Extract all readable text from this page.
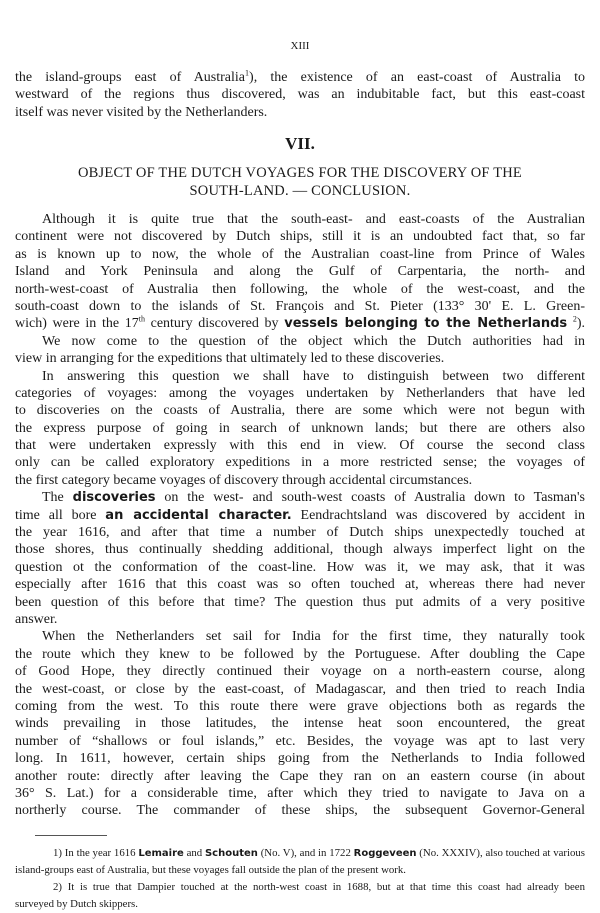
XIII
the island-groups east of Australia$^1$), the existence of an east-coast of Australia to
westward of the regions thus discovered, was an indubitable fact, but this east-coast
itself was never visited by the Netherlanders.
VII.
OBJECT OF THE DUTCH VOYAGES FOR THE DISCOVERY OF THE
SOUTH-LAND. — CONCLUSION.
Although it is quite true that the south-east- and east-coasts of the Australian
continent were not discovered by Dutch ships, still it is an undoubted fact that, so far
as is known up to now, the whole of the Australian coast-line from Prince of Wales
Island and York Peninsula and along the Gulf of Carpentaria, the north- and
north-west-coast of Australia then following, the whole of the west-coast, and the
south-coast down to the islands of St. François and St. Pieter (133° 30' E. L. Green-
wich) were in the 17th century discovered by vessels belonging to the Netherlands $^2$).
We now come to the question of the object which the Dutch authorities had in
view in arranging for the expeditions that ultimately led to these discoveries.
In answering this question we shall have to distinguish between two different
categories of voyages: among the voyages undertaken by Netherlanders that have led
to discoveries on the coasts of Australia, there are some which were not begun with
the express purpose of going in search of unknown lands; but there are others also
that were undertaken expressly with this end in view. Of course the second class
only can be called exploratory expeditions in a more restricted sense; the voyages of
the first category became voyages of discovery through accidental circumstances.
The discoveries on the west- and south-west coasts of Australia down to Tasman's
time all bore an accidental character. Eendrachtsland was discovered by accident in
the year 1616, and after that time a number of Dutch ships unexpectedly touched at
those shores, thus continually shedding additional, though always imperfect light on the
question ot the conformation of the coast-line. How was it, we may ask, that it was
especially after 1616 that this coast was so often touched at, whereas there had never
been question of this before that time? The question thus put admits of a very positive
answer.
When the Netherlanders set sail for India for the first time, they naturally took
the route which they knew to be followed by the Portuguese. After doubling the Cape
of Good Hope, they directly continued their voyage on a north-eastern course, along
the west-coast, or close by the east-coast, of Madagascar, and then tried to reach India
coming from the west. To this route there were grave objections both as regards the
winds prevailing in those latitudes, the intense heat soon encountered, the great
number of “shallows or foul islands,” etc. Besides, the voyage was apt to last very
long. In 1611, however, certain ships going from the Netherlands to India followed
another route: directly after leaving the Cape they ran on an eastern course (in about
36° S. Lat.) for a considerable time, after which they tried to navigate to Java on a
northerly course. The commander of these ships, the subsequent Governor-General
1) In the year 1616 Lemaire and Schouten (No. V), and in 1722 Roggeveen (No. XXXIV), also touched at various
island-groups east of Australia, but these voyages fall outside the plan of the present work.
2) It is true that Dampier touched at the north-west coast in 1688, but at that time this coast had already been
surveyed by Dutch skippers.
